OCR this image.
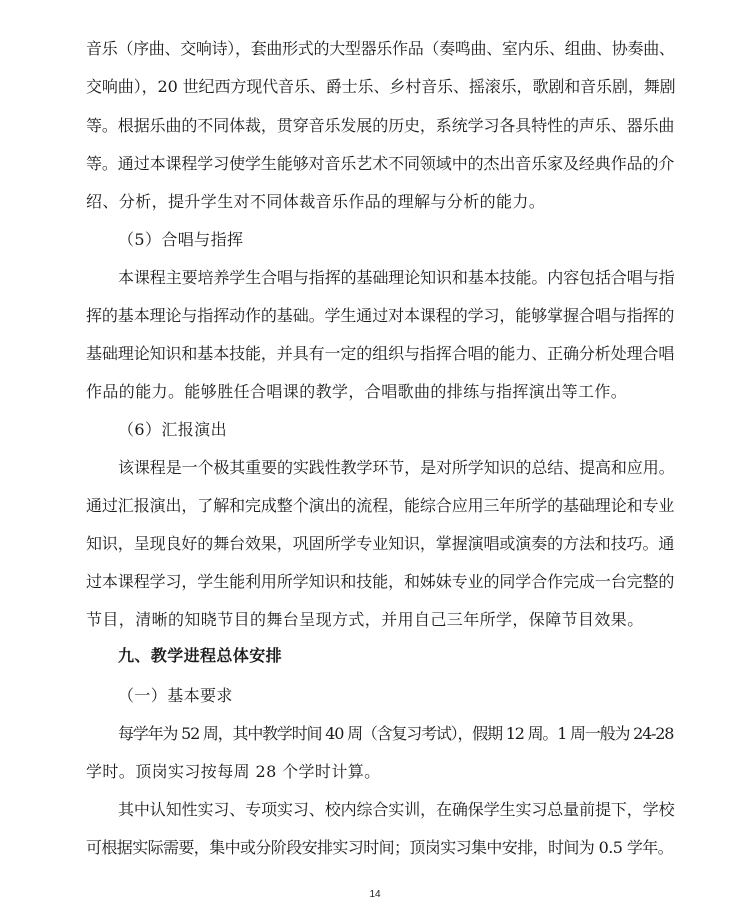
音乐（序曲、交响诗），套曲形式的大型器乐作品（奏鸣曲、室内乐、组曲、协奏曲、
交响曲），20 世纪西方现代音乐、爵士乐、乡村音乐、摇滚乐，歌剧和音乐剧，舞剧
等。根据乐曲的不同体裁，贯穿音乐发展的历史，系统学习各具特性的声乐、器乐曲
等。通过本课程学习使学生能够对音乐艺术不同领域中的杰出音乐家及经典作品的介
绍、分析，提升学生对不同体裁音乐作品的理解与分析的能力。
（5）合唱与指挥
本课程主要培养学生合唱与指挥的基础理论知识和基本技能。内容包括合唱与指
挥的基本理论与指挥动作的基础。学生通过对本课程的学习，能够掌握合唱与指挥的
基础理论知识和基本技能，并具有一定的组织与指挥合唱的能力、正确分析处理合唱
作品的能力。能够胜任合唱课的教学，合唱歌曲的排练与指挥演出等工作。
（6）汇报演出
该课程是一个极其重要的实践性教学环节，是对所学知识的总结、提高和应用。
通过汇报演出，了解和完成整个演出的流程，能综合应用三年所学的基础理论和专业
知识，呈现良好的舞台效果，巩固所学专业知识，掌握演唱或演奏的方法和技巧。通
过本课程学习，学生能利用所学知识和技能，和姊妹专业的同学合作完成一台完整的
节目，清晰的知晓节目的舞台呈现方式，并用自己三年所学，保障节目效果。
九、教学进程总体安排
（一）基本要求
每学年为 52 周，其中教学时间 40 周（含复习考试），假期 12 周。1 周一般为 24-28
学时。顶岗实习按每周 28 个学时计算。
其中认知性实习、专项实习、校内综合实训，在确保学生实习总量前提下，学校
可根据实际需要，集中或分阶段安排实习时间；顶岗实习集中安排，时间为 0.5 学年。
14
